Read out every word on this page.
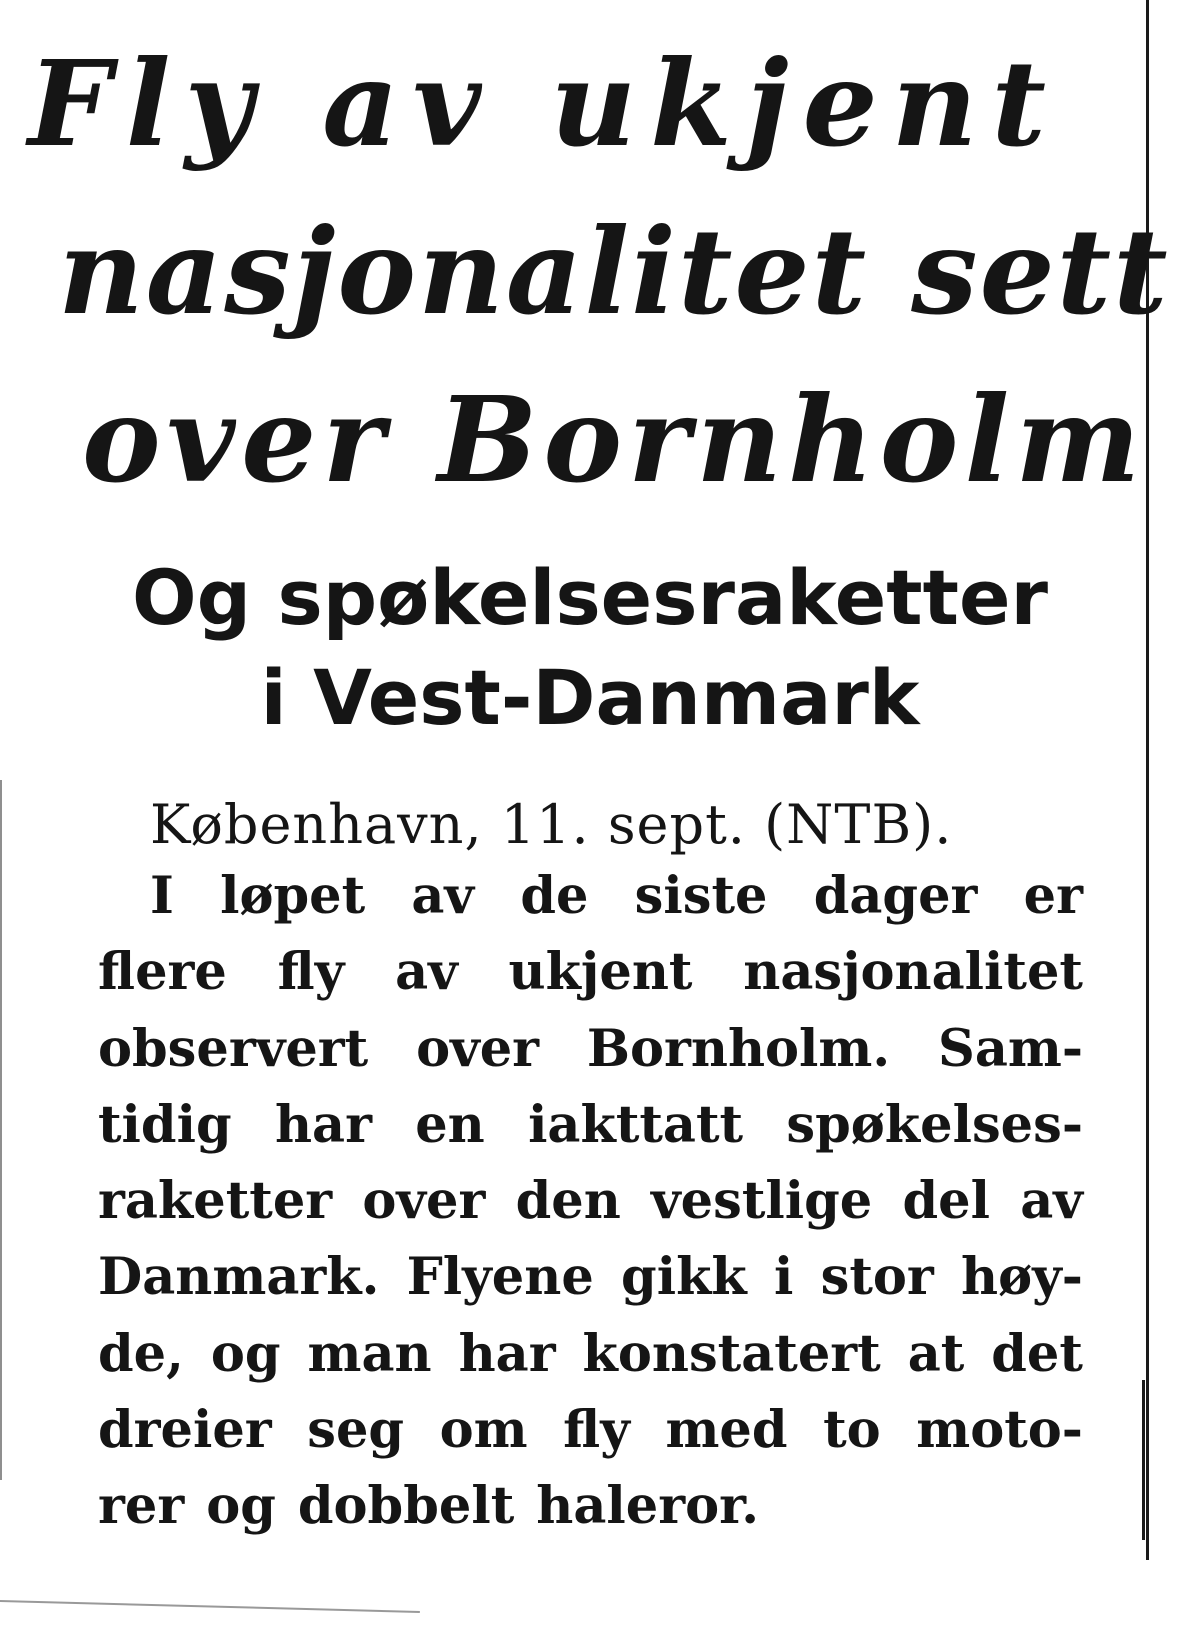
Fly av ukjent
nasjonalitet sett
over Bornholm
Og spøkelsesraketter
i Vest-Danmark

København, 11. sept. (NTB).

I løpet av de siste dager er
flere fly av ukjent nasjonalitet
observert over Bornholm. Sam-
tidig har en iakttatt spøkelses-
raketter over den vestlige del av
Danmark. Flyene gikk i stor høy-
de, og man har konstatert at det
dreier seg om fly med to moto-
rer og dobbelt haleror.
